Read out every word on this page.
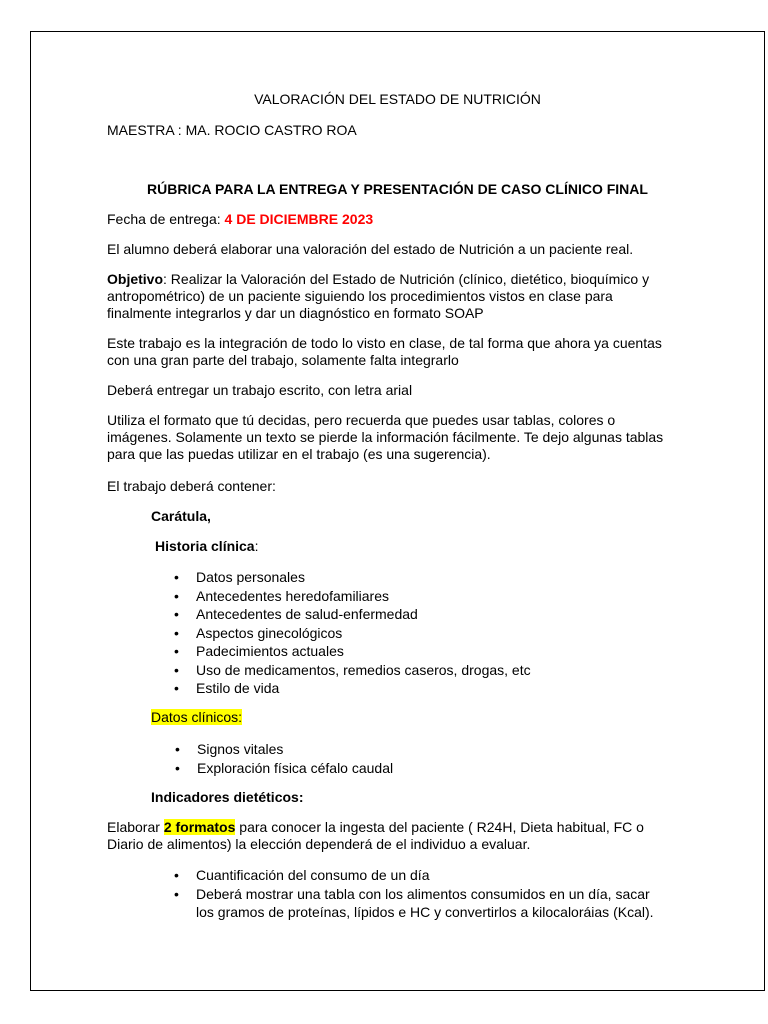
VALORACIÓN DEL ESTADO DE NUTRICIÓN
MAESTRA : MA. ROCIO CASTRO ROA
RÚBRICA PARA LA ENTREGA Y PRESENTACIÓN DE CASO CLÍNICO FINAL
Fecha de entrega: 4 DE DICIEMBRE 2023
El alumno deberá elaborar una valoración del estado de Nutrición a un paciente real.
Objetivo: Realizar la Valoración del Estado de Nutrición (clínico, dietético, bioquímico y antropométrico) de un paciente siguiendo los procedimientos vistos en clase para finalmente integrarlos y dar un diagnóstico en formato SOAP
Este trabajo es la integración de todo lo visto en clase, de tal forma que ahora ya cuentas con una gran parte del trabajo, solamente falta integrarlo
Deberá entregar un trabajo escrito, con letra arial
Utiliza el formato que tú decidas, pero recuerda que puedes usar tablas, colores o imágenes. Solamente un texto se pierde la información fácilmente. Te dejo algunas tablas para que las puedas utilizar en el trabajo (es una sugerencia).
El trabajo deberá contener:
Carátula,
Historia clínica:
• Datos personales
• Antecedentes heredofamiliares
• Antecedentes de salud-enfermedad
• Aspectos ginecológicos
• Padecimientos actuales
• Uso de medicamentos, remedios caseros, drogas, etc
• Estilo de vida
Datos clínicos:
• Signos vitales
• Exploración física céfalo caudal
Indicadores dietéticos:
Elaborar 2 formatos para conocer la ingesta del paciente ( R24H, Dieta habitual, FC o Diario de alimentos) la elección dependerá de el individuo a evaluar.
• Cuantificación del consumo de un día
• Deberá mostrar una tabla con los alimentos consumidos en un día, sacar los gramos de proteínas, lípidos e HC y convertirlos a kilocaloráias (Kcal).
